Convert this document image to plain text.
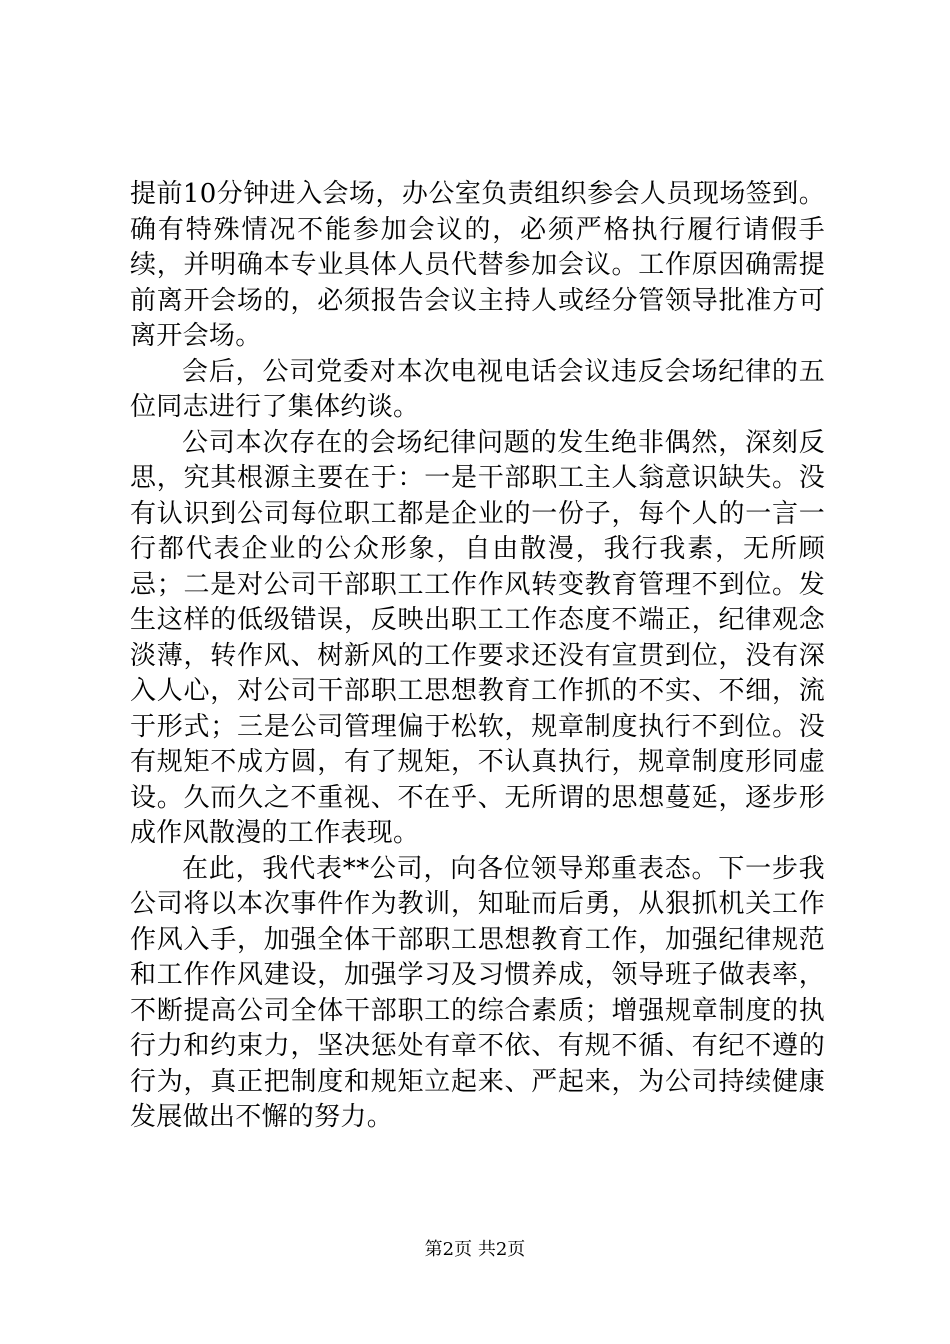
提前10分钟进入会场，办公室负责组织参会人员现场签到。确有特殊情况不能参加会议的，必须严格执行履行请假手续，并明确本专业具体人员代替参加会议。工作原因确需提前离开会场的，必须报告会议主持人或经分管领导批准方可离开会场。

会后，公司党委对本次电视电话会议违反会场纪律的五位同志进行了集体约谈。

公司本次存在的会场纪律问题的发生绝非偶然，深刻反思，究其根源主要在于：一是干部职工主人翁意识缺失。没有认识到公司每位职工都是企业的一份子，每个人的一言一行都代表企业的公众形象，自由散漫，我行我素，无所顾忌；二是对公司干部职工工作作风转变教育管理不到位。发生这样的低级错误，反映出职工工作态度不端正，纪律观念淡薄，转作风、树新风的工作要求还没有宣贯到位，没有深入人心，对公司干部职工思想教育工作抓的不实、不细，流于形式；三是公司管理偏于松软，规章制度执行不到位。没有规矩不成方圆，有了规矩，不认真执行，规章制度形同虚设。久而久之不重视、不在乎、无所谓的思想蔓延，逐步形成作风散漫的工作表现。

在此，我代表**公司，向各位领导郑重表态。下一步我公司将以本次事件作为教训，知耻而后勇，从狠抓机关工作作风入手，加强全体干部职工思想教育工作，加强纪律规范和工作作风建设，加强学习及习惯养成，领导班子做表率，不断提高公司全体干部职工的综合素质；增强规章制度的执行力和约束力，坚决惩处有章不依、有规不循、有纪不遵的行为，真正把制度和规矩立起来、严起来，为公司持续健康发展做出不懈的努力。

第2页 共2页
